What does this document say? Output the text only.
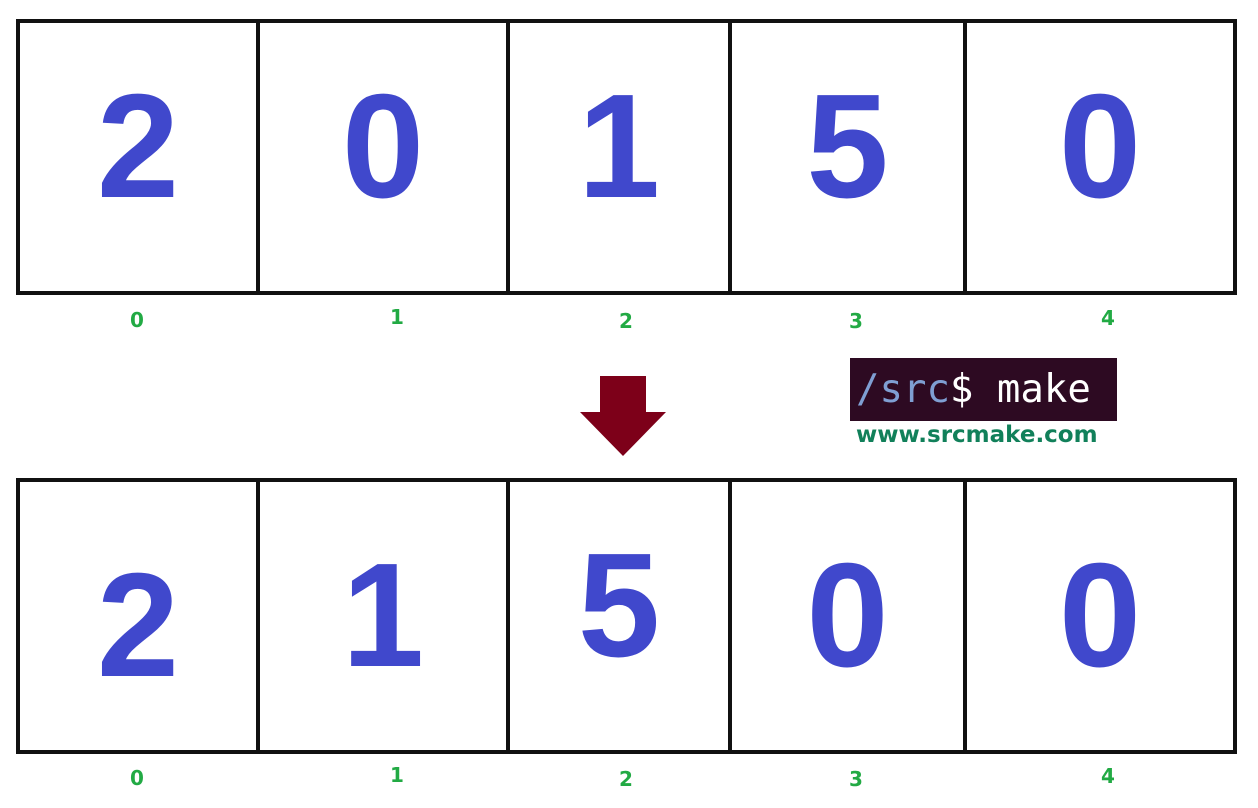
2 0 1 5 0
0	1	2	3	4
/src$ make
www.srcmake.com
2 1 5 0 0
0	1	2	3	4
